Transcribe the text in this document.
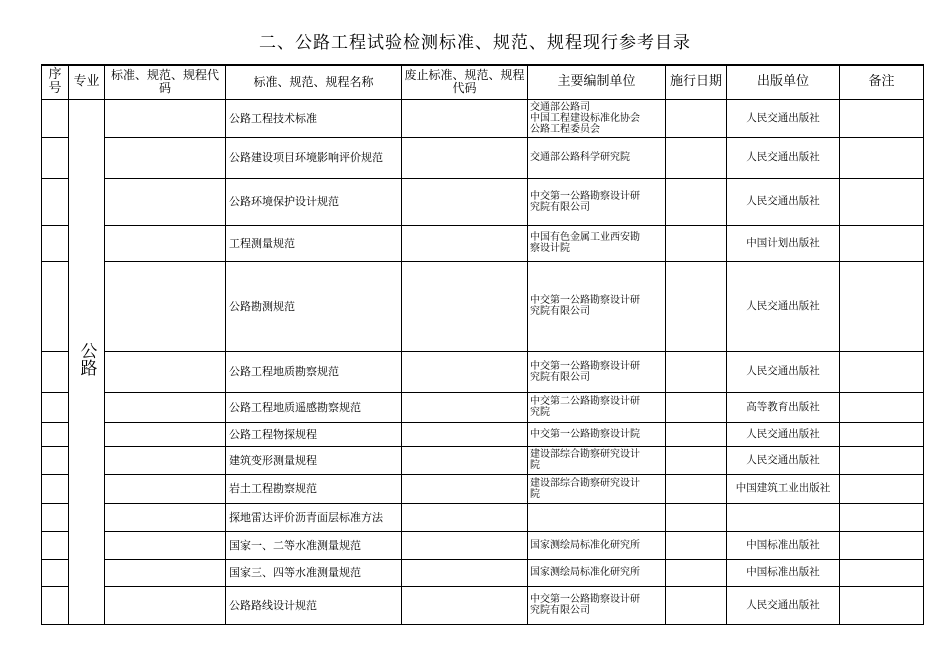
二、公路工程试验检测标准、规范、规程现行参考目录
序号	专业	标准、规范、规程代码	标准、规范、规程名称	废止标准、规范、规程代码	主要编制单位	施行日期	出版单位	备注
	公路		公路工程技术标准		交通部公路司
中国工程建设标准化协会
公路工程委员会		人民交通出版社	
			公路建设项目环境影响评价规范		交通部公路科学研究院		人民交通出版社	
			公路环境保护设计规范		中交第一公路勘察设计研
究院有限公司		人民交通出版社	
			工程测量规范		中国有色金属工业西安勘
察设计院		中国计划出版社	
			公路勘测规范		中交第一公路勘察设计研
究院有限公司		人民交通出版社	
			公路工程地质勘察规范		中交第一公路勘察设计研
究院有限公司		人民交通出版社	
			公路工程地质遥感勘察规范		中交第二公路勘察设计研
究院		高等教育出版社	
			公路工程物探规程		中交第一公路勘察设计院		人民交通出版社	
			建筑变形测量规程		建设部综合勘察研究设计
院		人民交通出版社	
			岩土工程勘察规范		建设部综合勘察研究设计
院		中国建筑工业出版社	
			探地雷达评价沥青面层标准方法					
			国家一、二等水准测量规范		国家测绘局标准化研究所		中国标准出版社	
			国家三、四等水准测量规范		国家测绘局标准化研究所		中国标准出版社	
			公路路线设计规范		中交第一公路勘察设计研
究院有限公司		人民交通出版社	
